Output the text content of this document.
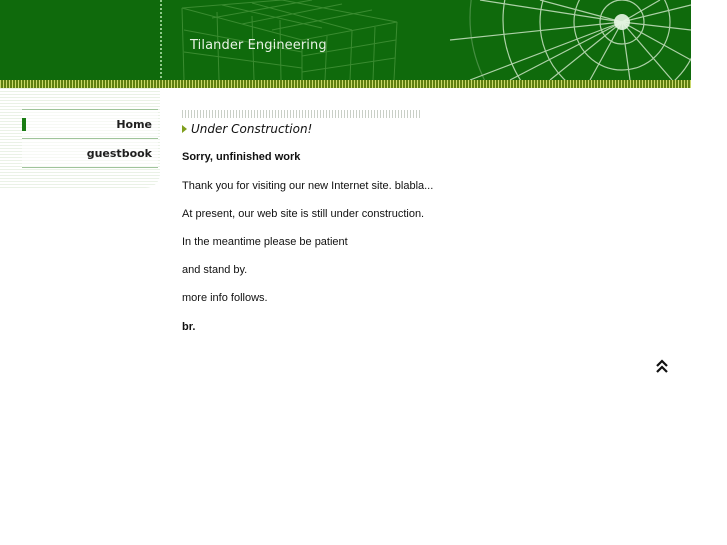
Tilander Engineering
Home
guestbook
Under Construction!

Sorry, unfinished work

Thank you for visiting our new Internet site. blabla...

At present, our web site is still under construction.

In the meantime please be patient

and stand by.

more info follows.

br.
